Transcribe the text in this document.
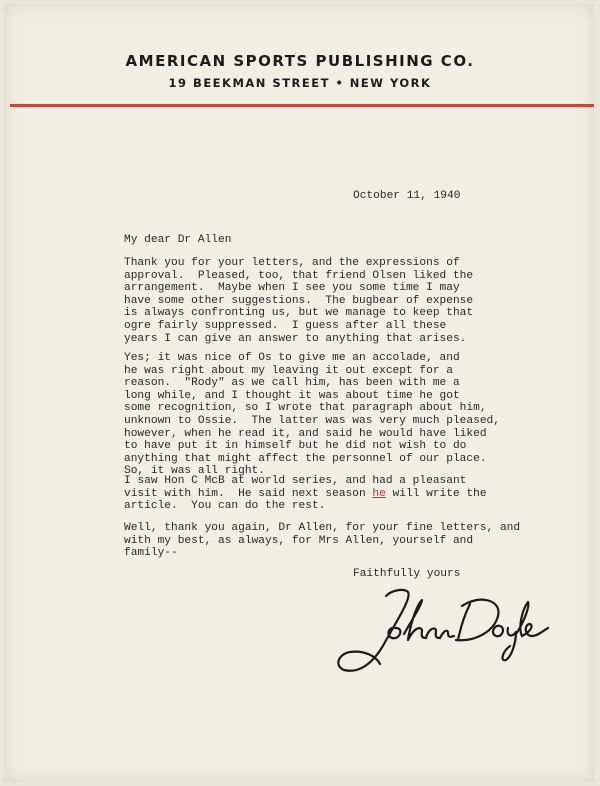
AMERICAN SPORTS PUBLISHING CO.
19 BEEKMAN STREET • NEW YORK
October 11, 1940
My dear Dr Allen
Thank you for your letters, and the expressions of
approval.  Pleased, too, that friend Olsen liked the
arrangement.  Maybe when I see you some time I may
have some other suggestions.  The bugbear of expense
is always confronting us, but we manage to keep that
ogre fairly suppressed.  I guess after all these
years I can give an answer to anything that arises.
Yes; it was nice of Os to give me an accolade, and
he was right about my leaving it out except for a
reason.  "Rody" as we call him, has been with me a
long while, and I thought it was about time he got
some recognition, so I wrote that paragraph about him,
unknown to Ossie.  The latter was was very much pleased,
however, when he read it, and said he would have liked
to have put it in himself but he did not wish to do
anything that might affect the personnel of our place.
So, it was all right.
I saw Hon C McB at world series, and had a pleasant
visit with him.  He said next season he will write the
article.  You can do the rest.
Well, thank you again, Dr Allen, for your fine letters, and
with my best, as always, for Mrs Allen, yourself and
family--
Faithfully yours
